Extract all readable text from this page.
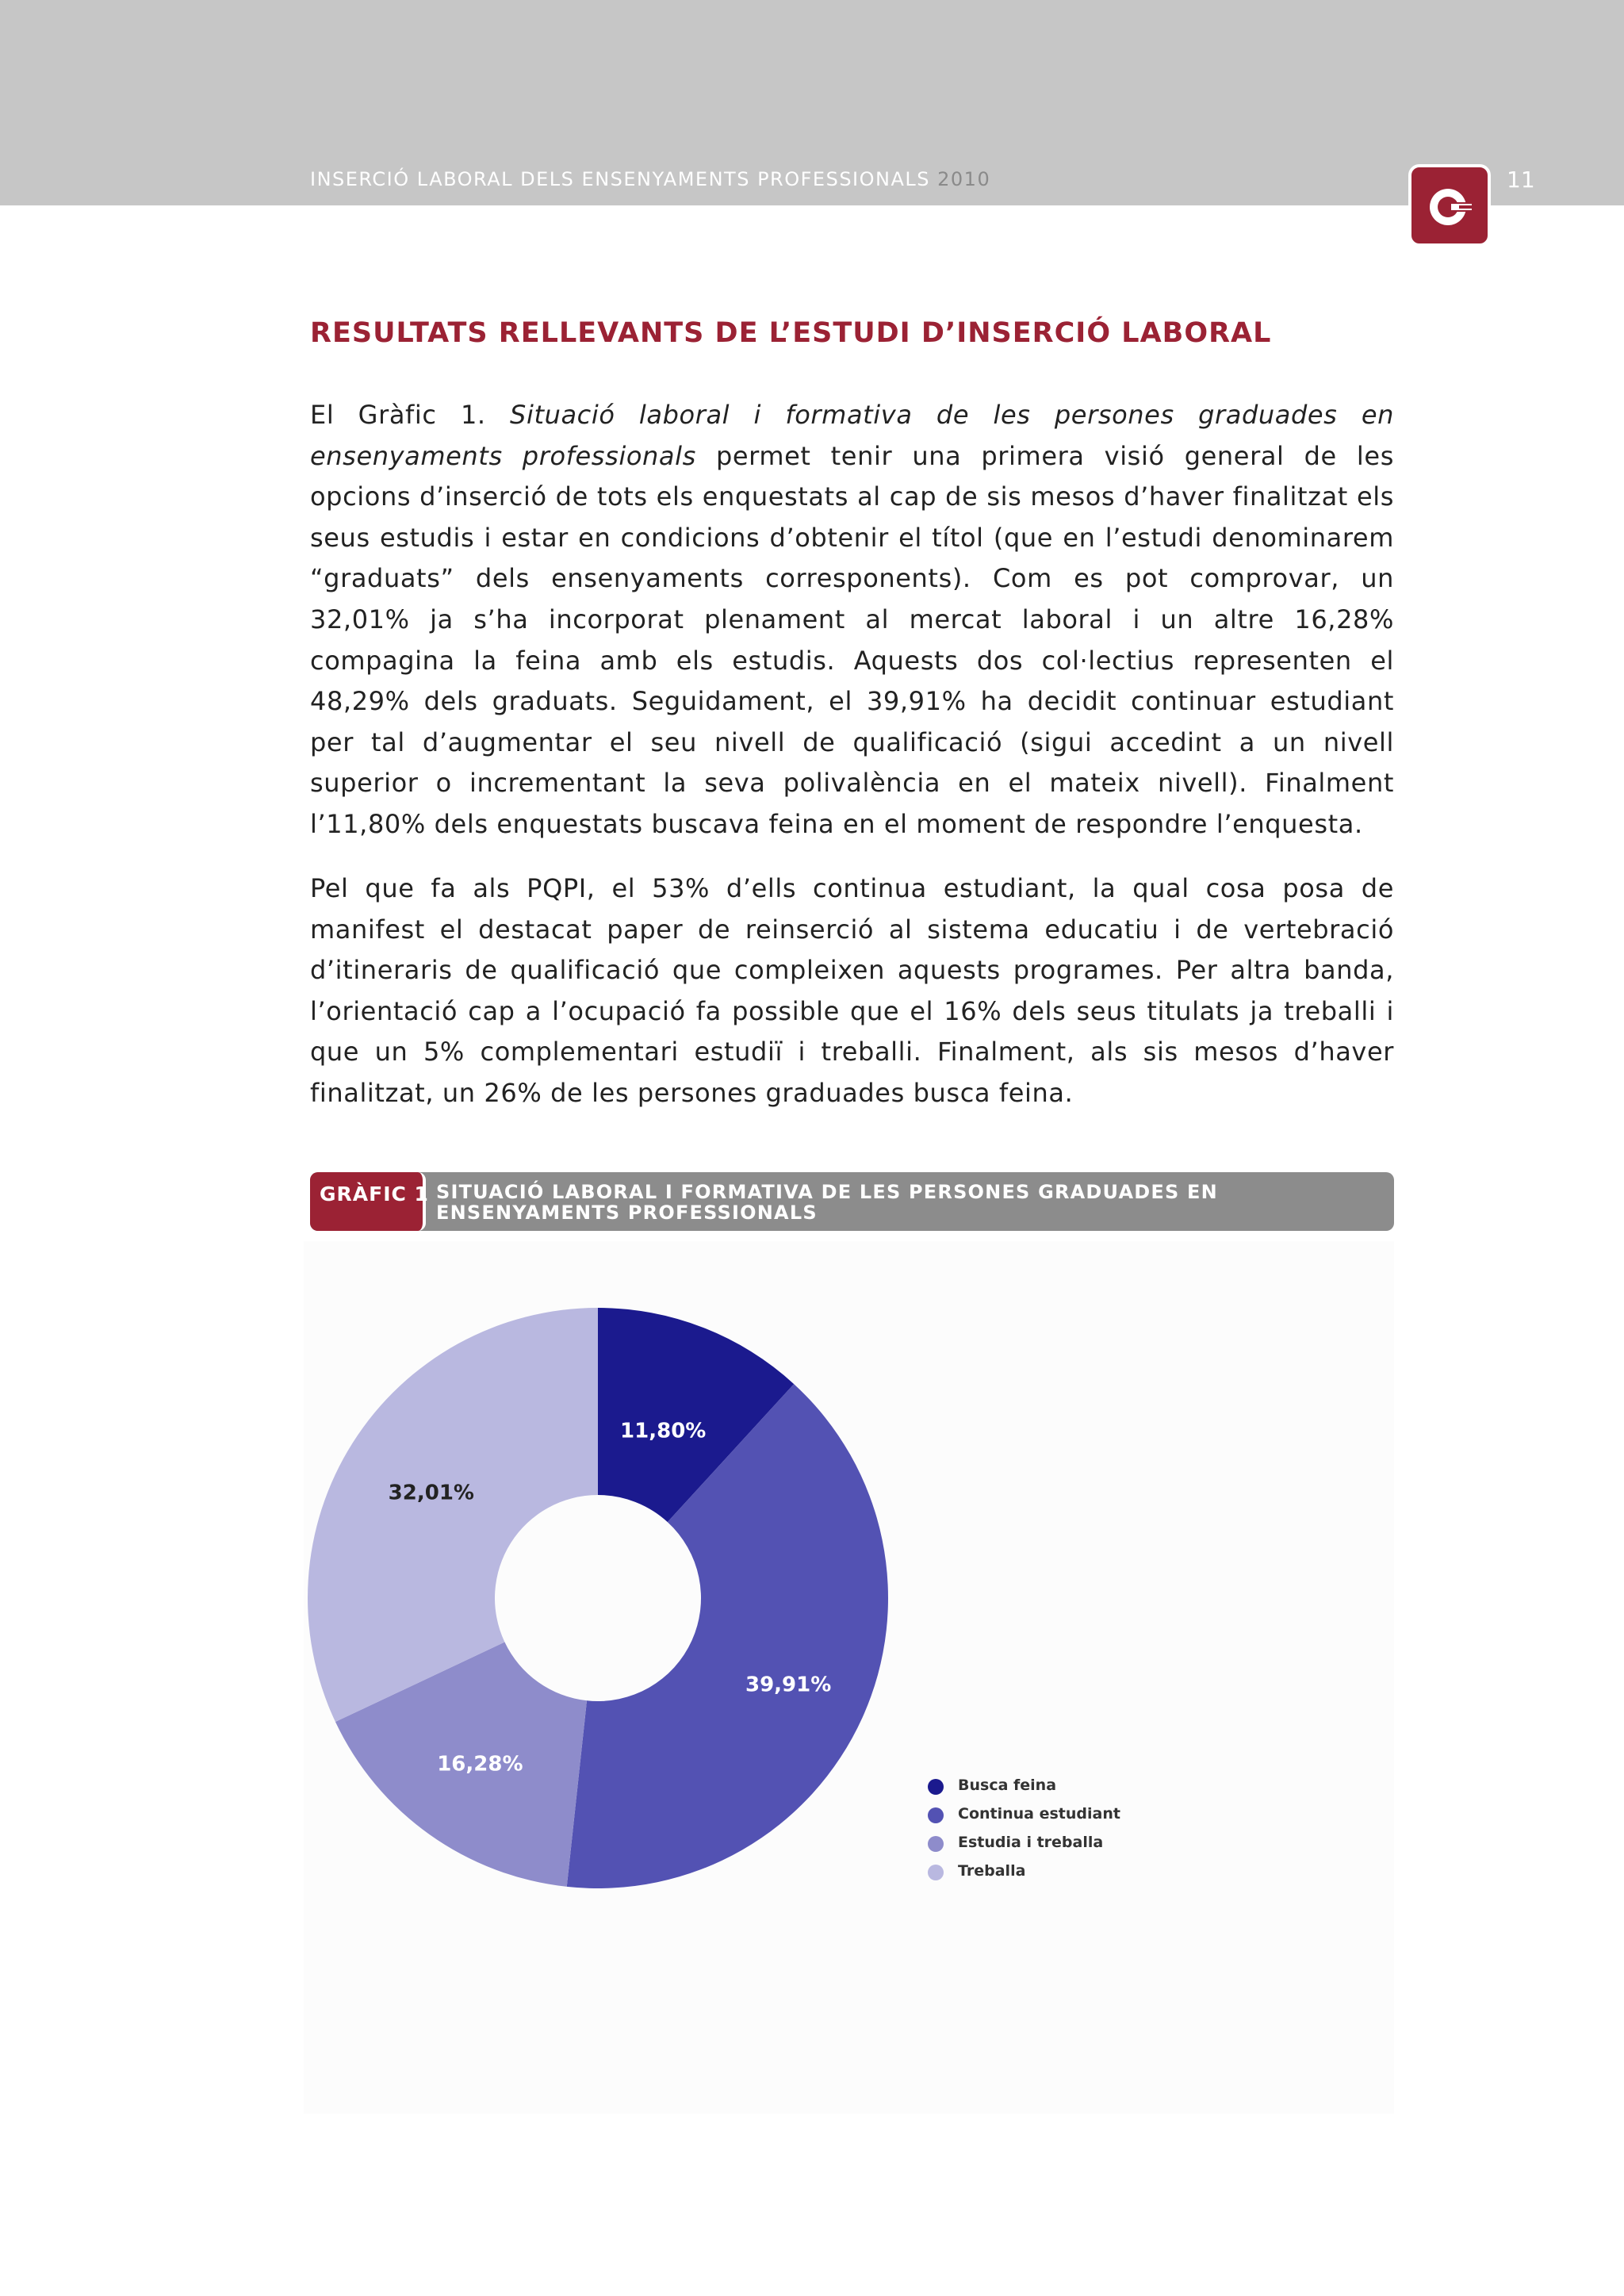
INSERCIÓ LABORAL DELS ENSENYAMENTS PROFESSIONALS 2010	11
RESULTATS RELLEVANTS DE L’ESTUDI D’INSERCIÓ LABORAL

El Gràfic 1. Situació laboral i formativa de les persones graduades en ensenyaments professionals permet tenir una primera visió general de les opcions d’inserció de tots els enquestats al cap de sis mesos d’haver finalitzat els seus estudis i estar en condicions d’obtenir el títol (que en l’estudi denominarem “graduats” dels ensenyaments corresponents). Com es pot comprovar, un 32,01% ja s’ha incorporat plenament al mercat laboral i un altre 16,28% compagina la feina amb els estudis. Aquests dos col·lectius representen el 48,29% dels graduats. Seguidament, el 39,91% ha decidit continuar estudiant per tal d’augmentar el seu nivell de qualificació (sigui accedint a un nivell superior o incrementant la seva polivalència en el mateix nivell). Finalment l’11,80% dels enquestats buscava feina en el moment de respondre l’enquesta.

Pel que fa als PQPI, el 53% d’ells continua estudiant, la qual cosa posa de manifest el destacat paper de reinserció al sistema educatiu i de vertebració d’itineraris de qualificació que compleixen aquests programes. Per altra banda, l’orientació cap a l’ocupació fa possible que el 16% dels seus titulats ja treballi i que un 5% complementari estudiï i treballi. Finalment, als sis mesos d’haver finalitzat, un 26% de les persones graduades busca feina.

GRÀFIC 1 SITUACIÓ LABORAL I FORMATIVA DE LES PERSONES GRADUADES EN ENSENYAMENTS PROFESSIONALS
11,80%
39,91%
16,28%
32,01%
Busca feina
Continua estudiant
Estudia i treballa
Treballa
